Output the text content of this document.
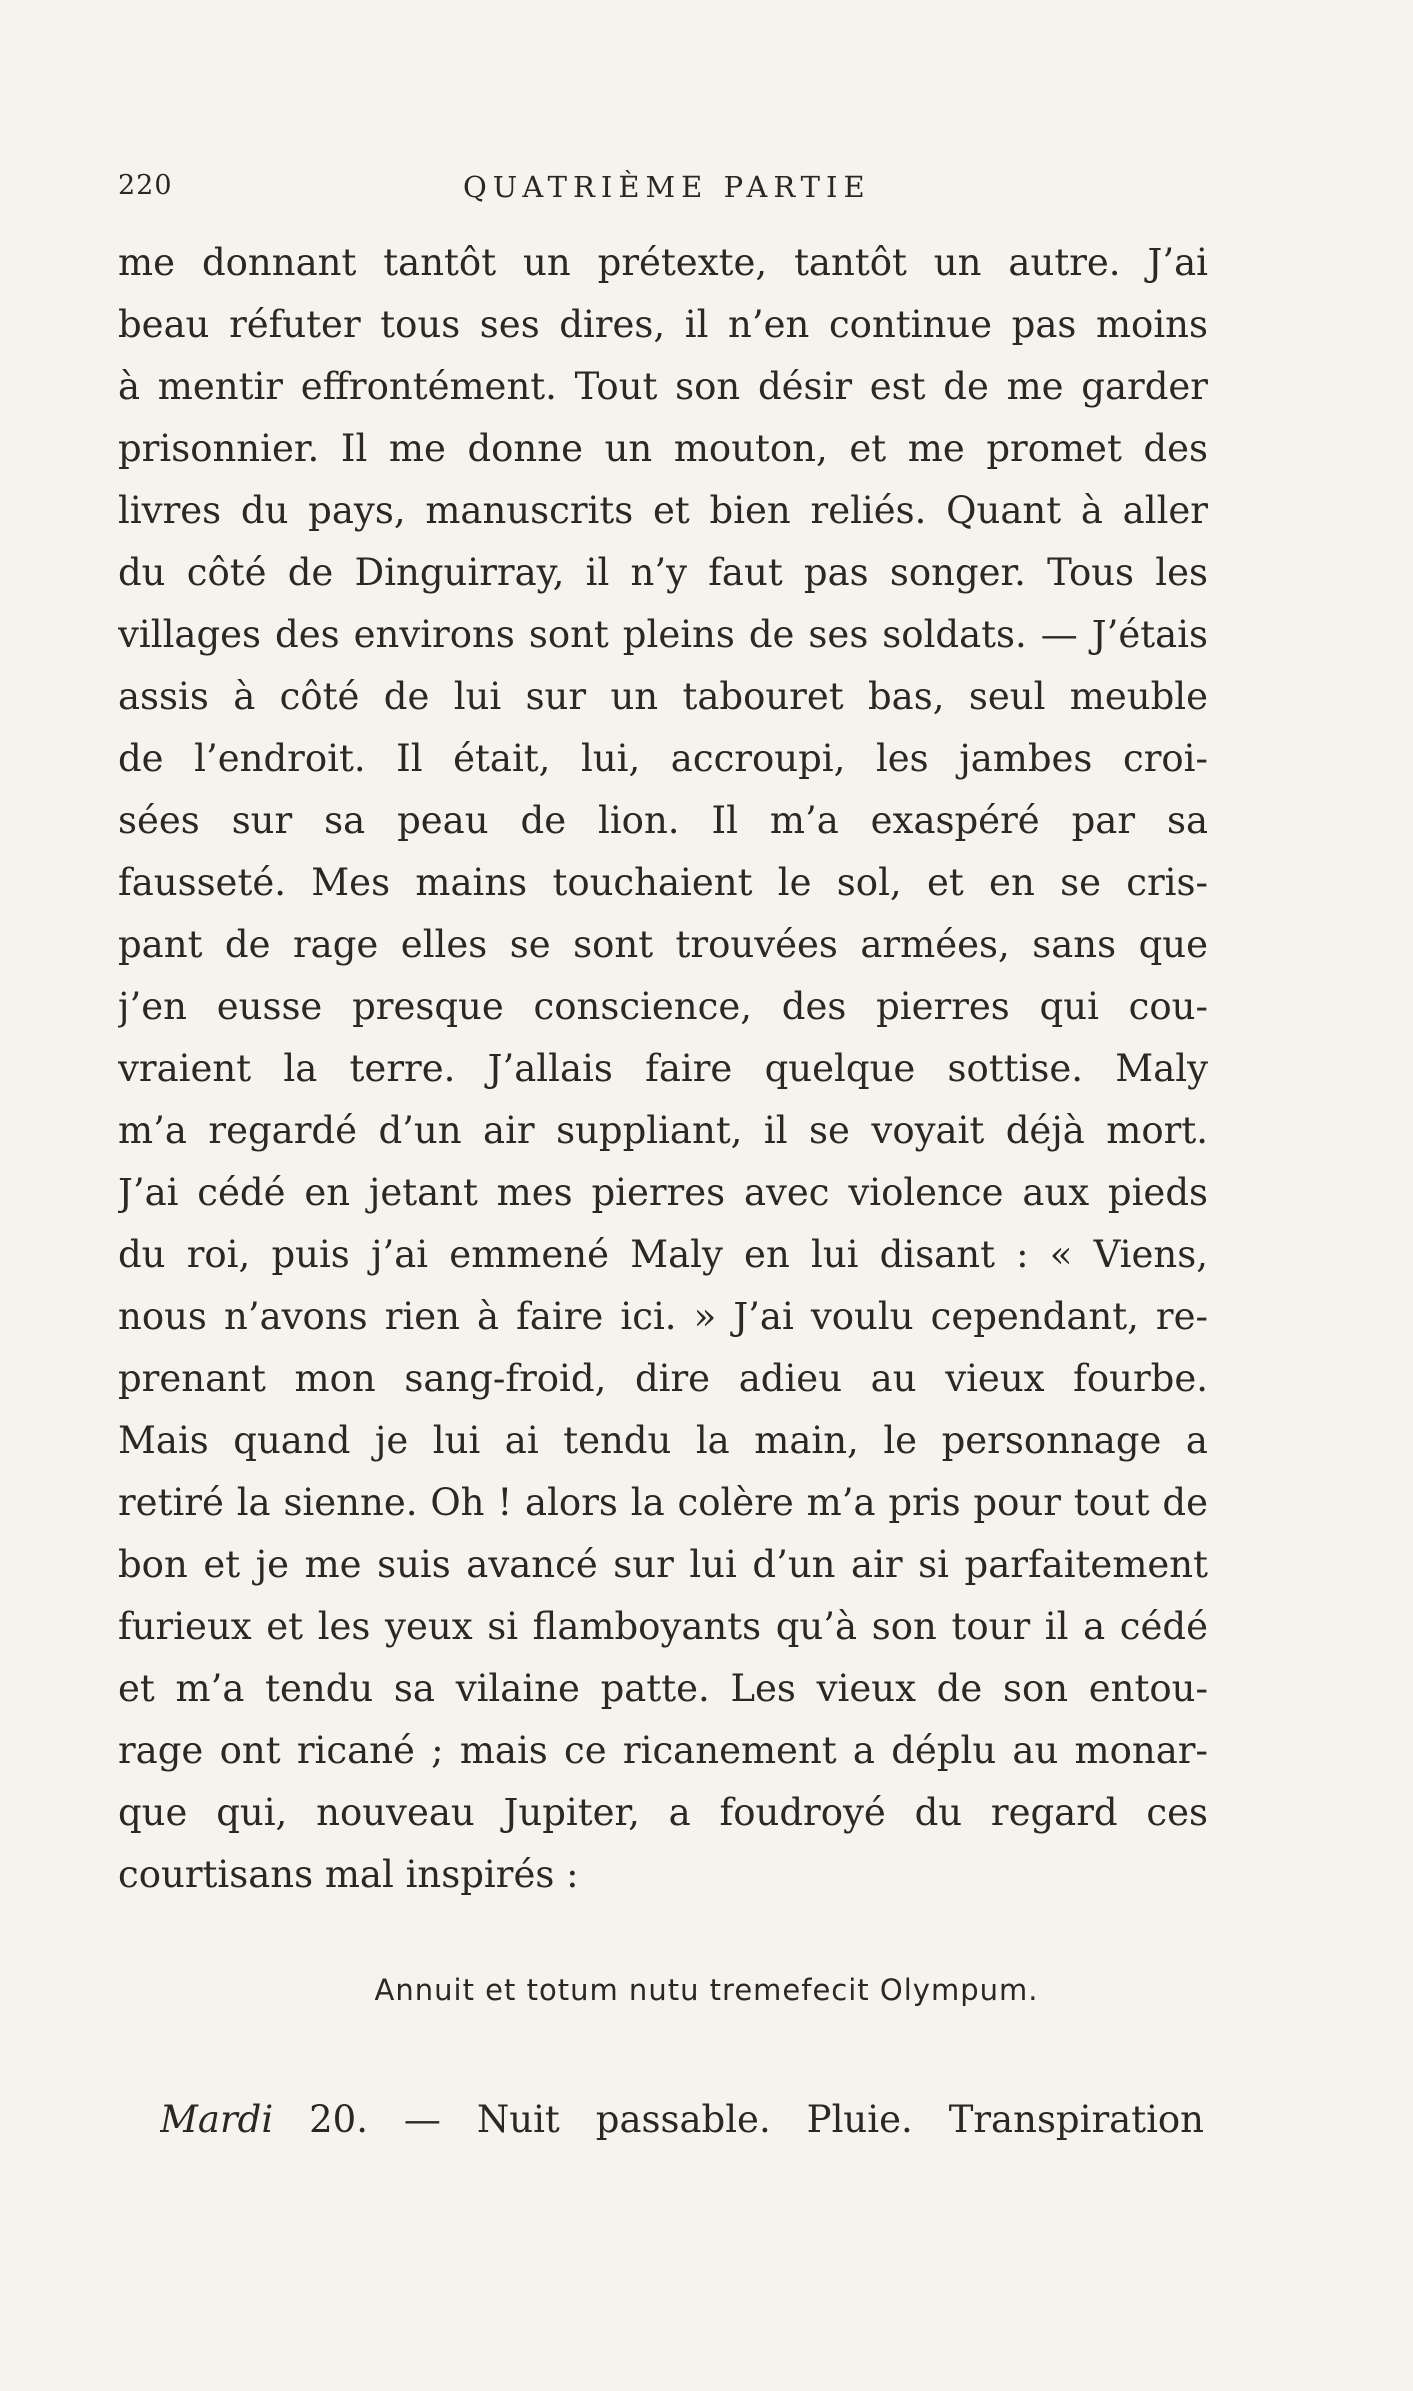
220	QUATRIÈME PARTIE
me donnant tantôt un prétexte, tantôt un autre. J’ai
beau réfuter tous ses dires, il n’en continue pas moins
à mentir effrontément. Tout son désir est de me garder
prisonnier. Il me donne un mouton, et me promet des
livres du pays, manuscrits et bien reliés. Quant à aller
du côté de Dinguirray, il n’y faut pas songer. Tous les
villages des environs sont pleins de ses soldats. — J’étais
assis à côté de lui sur un tabouret bas, seul meuble
de l’endroit. Il était, lui, accroupi, les jambes croi-
sées sur sa peau de lion. Il m’a exaspéré par sa
fausseté. Mes mains touchaient le sol, et en se cris-
pant de rage elles se sont trouvées armées, sans que
j’en eusse presque conscience, des pierres qui cou-
vraient la terre. J’allais faire quelque sottise. Maly
m’a regardé d’un air suppliant, il se voyait déjà mort.
J’ai cédé en jetant mes pierres avec violence aux pieds
du roi, puis j’ai emmené Maly en lui disant : « Viens,
nous n’avons rien à faire ici. » J’ai voulu cependant, re-
prenant mon sang-froid, dire adieu au vieux fourbe.
Mais quand je lui ai tendu la main, le personnage a
retiré la sienne. Oh ! alors la colère m’a pris pour tout de
bon et je me suis avancé sur lui d’un air si parfaitement
furieux et les yeux si flamboyants qu’à son tour il a cédé
et m’a tendu sa vilaine patte. Les vieux de son entou-
rage ont ricané ; mais ce ricanement a déplu au monar-
que qui, nouveau Jupiter, a foudroyé du regard ces
courtisans mal inspirés :
Annuit et totum nutu tremefecit Olympum.
Mardi 20. — Nuit passable. Pluie. Transpiration
